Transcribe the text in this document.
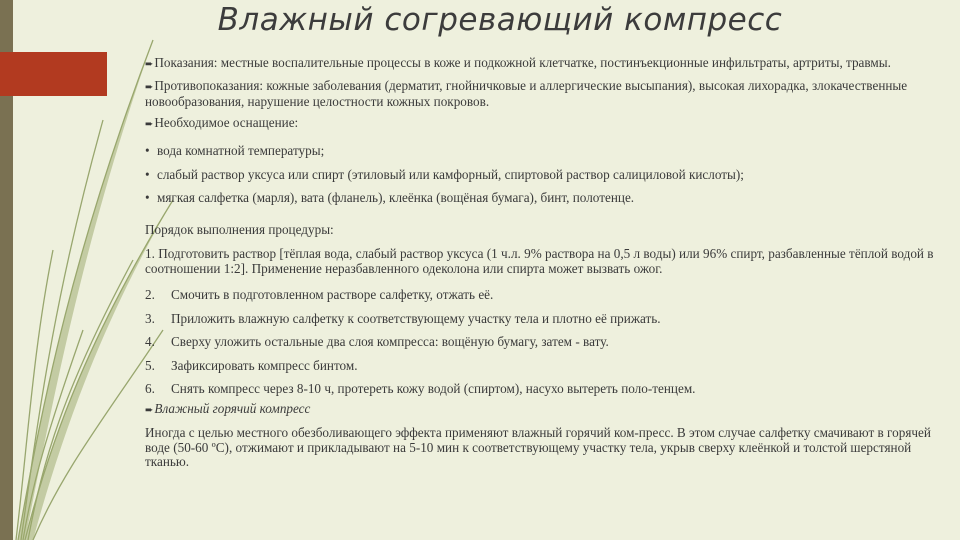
Влажный согревающий компресс

➨Показания: местные воспалительные процессы в коже и подкожной клетчатке, постинъекционные инфильтраты, артриты, травмы.

➨Противопоказания: кожные заболевания (дерматит, гнойничковые и аллергические высыпания), высокая лихорадка, злокачественные новообразования, нарушение целостности кожных покровов.

➨Необходимое оснащение:

• вода комнатной температуры;

• слабый раствор уксуса или спирт (этиловый или камфорный, спиртовой раствор салициловой кислоты);

• мягкая салфетка (марля), вата (фланель), клеёнка (вощёная бумага), бинт, полотенце.

Порядок выполнения процедуры:

1. Подготовить раствор [тёплая вода, слабый раствор уксуса (1 ч.л. 9% раствора на 0,5 л воды) или 96% спирт, разбавленные тёплой водой в соотношении 1:2]. Применение неразбавленного одеколона или спирта может вызвать ожог.

2. Смочить в подготовленном растворе салфетку, отжать её.

3. Приложить влажную салфетку к соответствующему участку тела и плотно её прижать.

4. Сверху уложить остальные два слоя компресса: вощёную бумагу, затем - вату.

5. Зафиксировать компресс бинтом.

6. Снять компресс через 8-10 ч, протереть кожу водой (спиртом), насухо вытереть поло-тенцем.

➨Влажный горячий компресс

Иногда с целью местного обезболивающего эффекта применяют влажный горячий ком-пресс. В этом случае салфетку смачивают в горячей воде (50-60 ºС), отжимают и прикладывают на 5-10 мин к соответствующему участку тела, укрыв сверху клеёнкой и толстой шерстяной тканью.
